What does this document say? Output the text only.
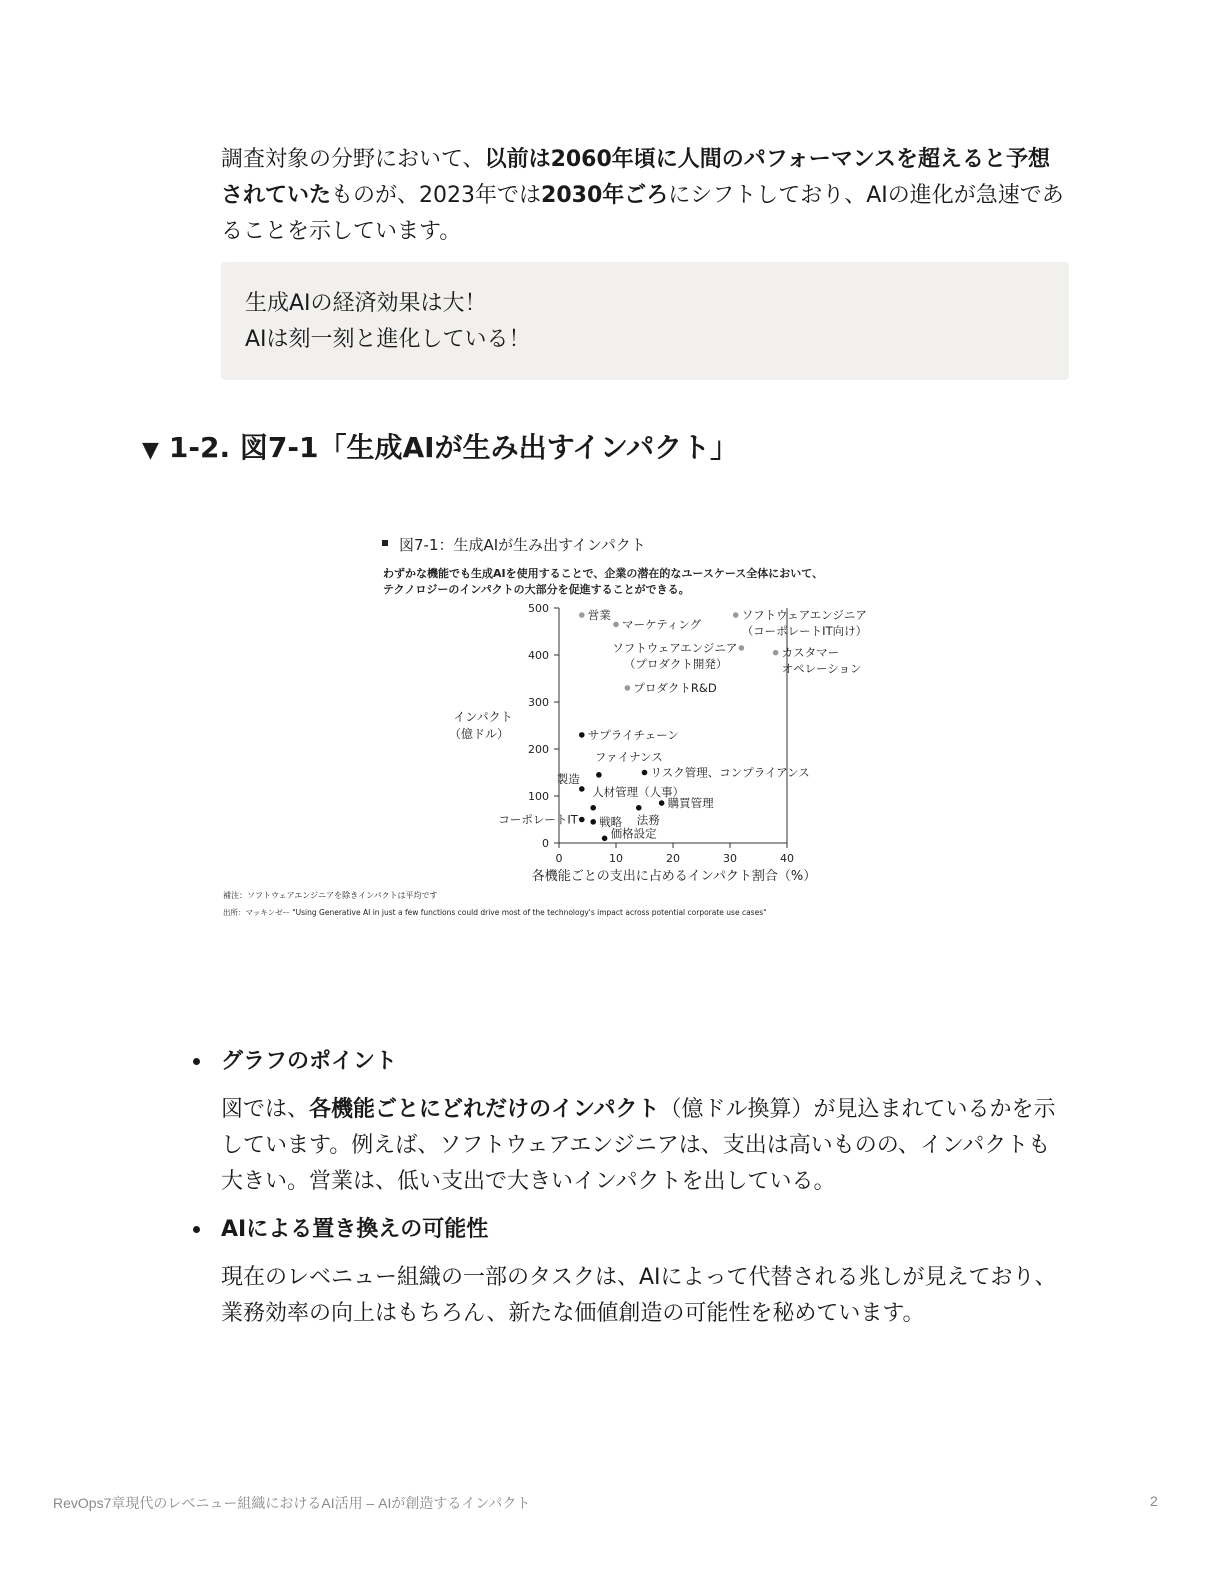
調査対象の分野において、以前は2060年頃に人間のパフォーマンスを超えると予想されていたものが、2023年では2030年ごろにシフトしており、AIの進化が急速であることを示しています。

生成AIの経済効果は大！
AIは刻一刻と進化している！
▼ 1-2. 図7-1「生成AIが生み出すインパクト」
図7-1：生成AIが生み出すインパクト
わずかな機能でも生成AIを使用することで、企業の潜在的なユースケース全体において、
テクノロジーのインパクトの大部分を促進することができる。
0
100
200
300
400
500
0	10	20	30	40
インパクト
（億ドル）
各機能ごとの支出に占めるインパクト割合（%）
営業
マーケティング
ソフトウェアエンジニア
（コーポレートIT向け）
ソフトウェアエンジニア
（プロダクト開発）
カスタマー
オペレーション
プロダクトR&D
サプライチェーン
ファイナンス
リスク管理、コンプライアンス
製造
人材管理（人事）
購買管理
法務
コーポレートIT 戦略
価格設定
補注：ソフトウェアエンジニアを除きインパクトは平均です
出所：マッキンゼー "Using Generative AI in just a few functions could drive most of the technology's impact across potential corporate use cases"
グラフのポイント

図では、各機能ごとにどれだけのインパクト（億ドル換算）が見込まれているかを示しています。例えば、ソフトウェアエンジニアは、支出は高いものの、インパクトも大きい。営業は、低い支出で大きいインパクトを出している。

AIによる置き換えの可能性

現在のレベニュー組織の一部のタスクは、AIによって代替される兆しが見えており、業務効率の向上はもちろん、新たな価値創造の可能性を秘めています。

RevOps7章現代のレベニュー組織におけるAI活用 – AIが創造するインパクト	2
